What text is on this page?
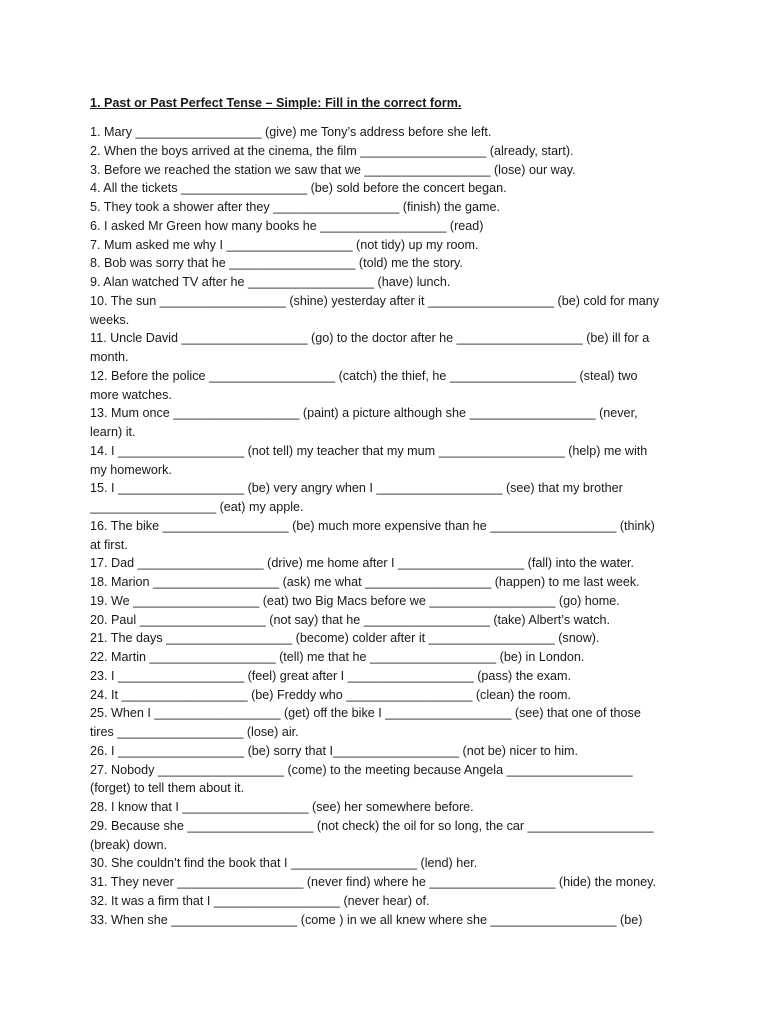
1. Past or Past Perfect Tense – Simple: Fill in the correct form.
1. Mary __________________ (give) me Tony’s address before she left.
2. When the boys arrived at the cinema, the film __________________ (already, start).
3. Before we reached the station we saw that we __________________ (lose) our way.
4. All the tickets __________________ (be) sold before the concert began.
5. They took a shower after they __________________ (finish) the game.
6. I asked Mr Green how many books he __________________ (read)
7. Mum asked me why I __________________ (not tidy) up my room.
8. Bob was sorry that he __________________ (told) me the story.
9. Alan watched TV after he __________________ (have) lunch.
10. The sun __________________ (shine) yesterday after it __________________ (be) cold for many
weeks.
11. Uncle David __________________ (go) to the doctor after he __________________ (be) ill for a
month.
12. Before the police __________________ (catch) the thief, he __________________ (steal) two
more watches.
13. Mum once __________________ (paint) a picture although she __________________ (never,
learn) it.
14. I __________________ (not tell) my teacher that my mum __________________ (help) me with
my homework.
15. I __________________ (be) very angry when I __________________ (see) that my brother
__________________ (eat) my apple.
16. The bike __________________ (be) much more expensive than he __________________ (think)
at first.
17. Dad __________________ (drive) me home after I __________________ (fall) into the water.
18. Marion __________________ (ask) me what __________________ (happen) to me last week.
19. We __________________ (eat) two Big Macs before we __________________ (go) home.
20. Paul __________________ (not say) that he __________________ (take) Albert’s watch.
21. The days __________________ (become) colder after it __________________ (snow).
22. Martin __________________ (tell) me that he __________________ (be) in London.
23. I __________________ (feel) great after I __________________ (pass) the exam.
24. It __________________ (be) Freddy who __________________ (clean) the room.
25. When I __________________ (get) off the bike I __________________ (see) that one of those
tires __________________ (lose) air.
26. I __________________ (be) sorry that I__________________ (not be) nicer to him.
27. Nobody __________________ (come) to the meeting because Angela __________________
(forget) to tell them about it.
28. I know that I __________________ (see) her somewhere before.
29. Because she __________________ (not check) the oil for so long, the car __________________
(break) down.
30. She couldn’t find the book that I __________________ (lend) her.
31. They never __________________ (never find) where he __________________ (hide) the money.
32. It was a firm that I __________________ (never hear) of.
33. When she __________________ (come ) in we all knew where she __________________ (be)
